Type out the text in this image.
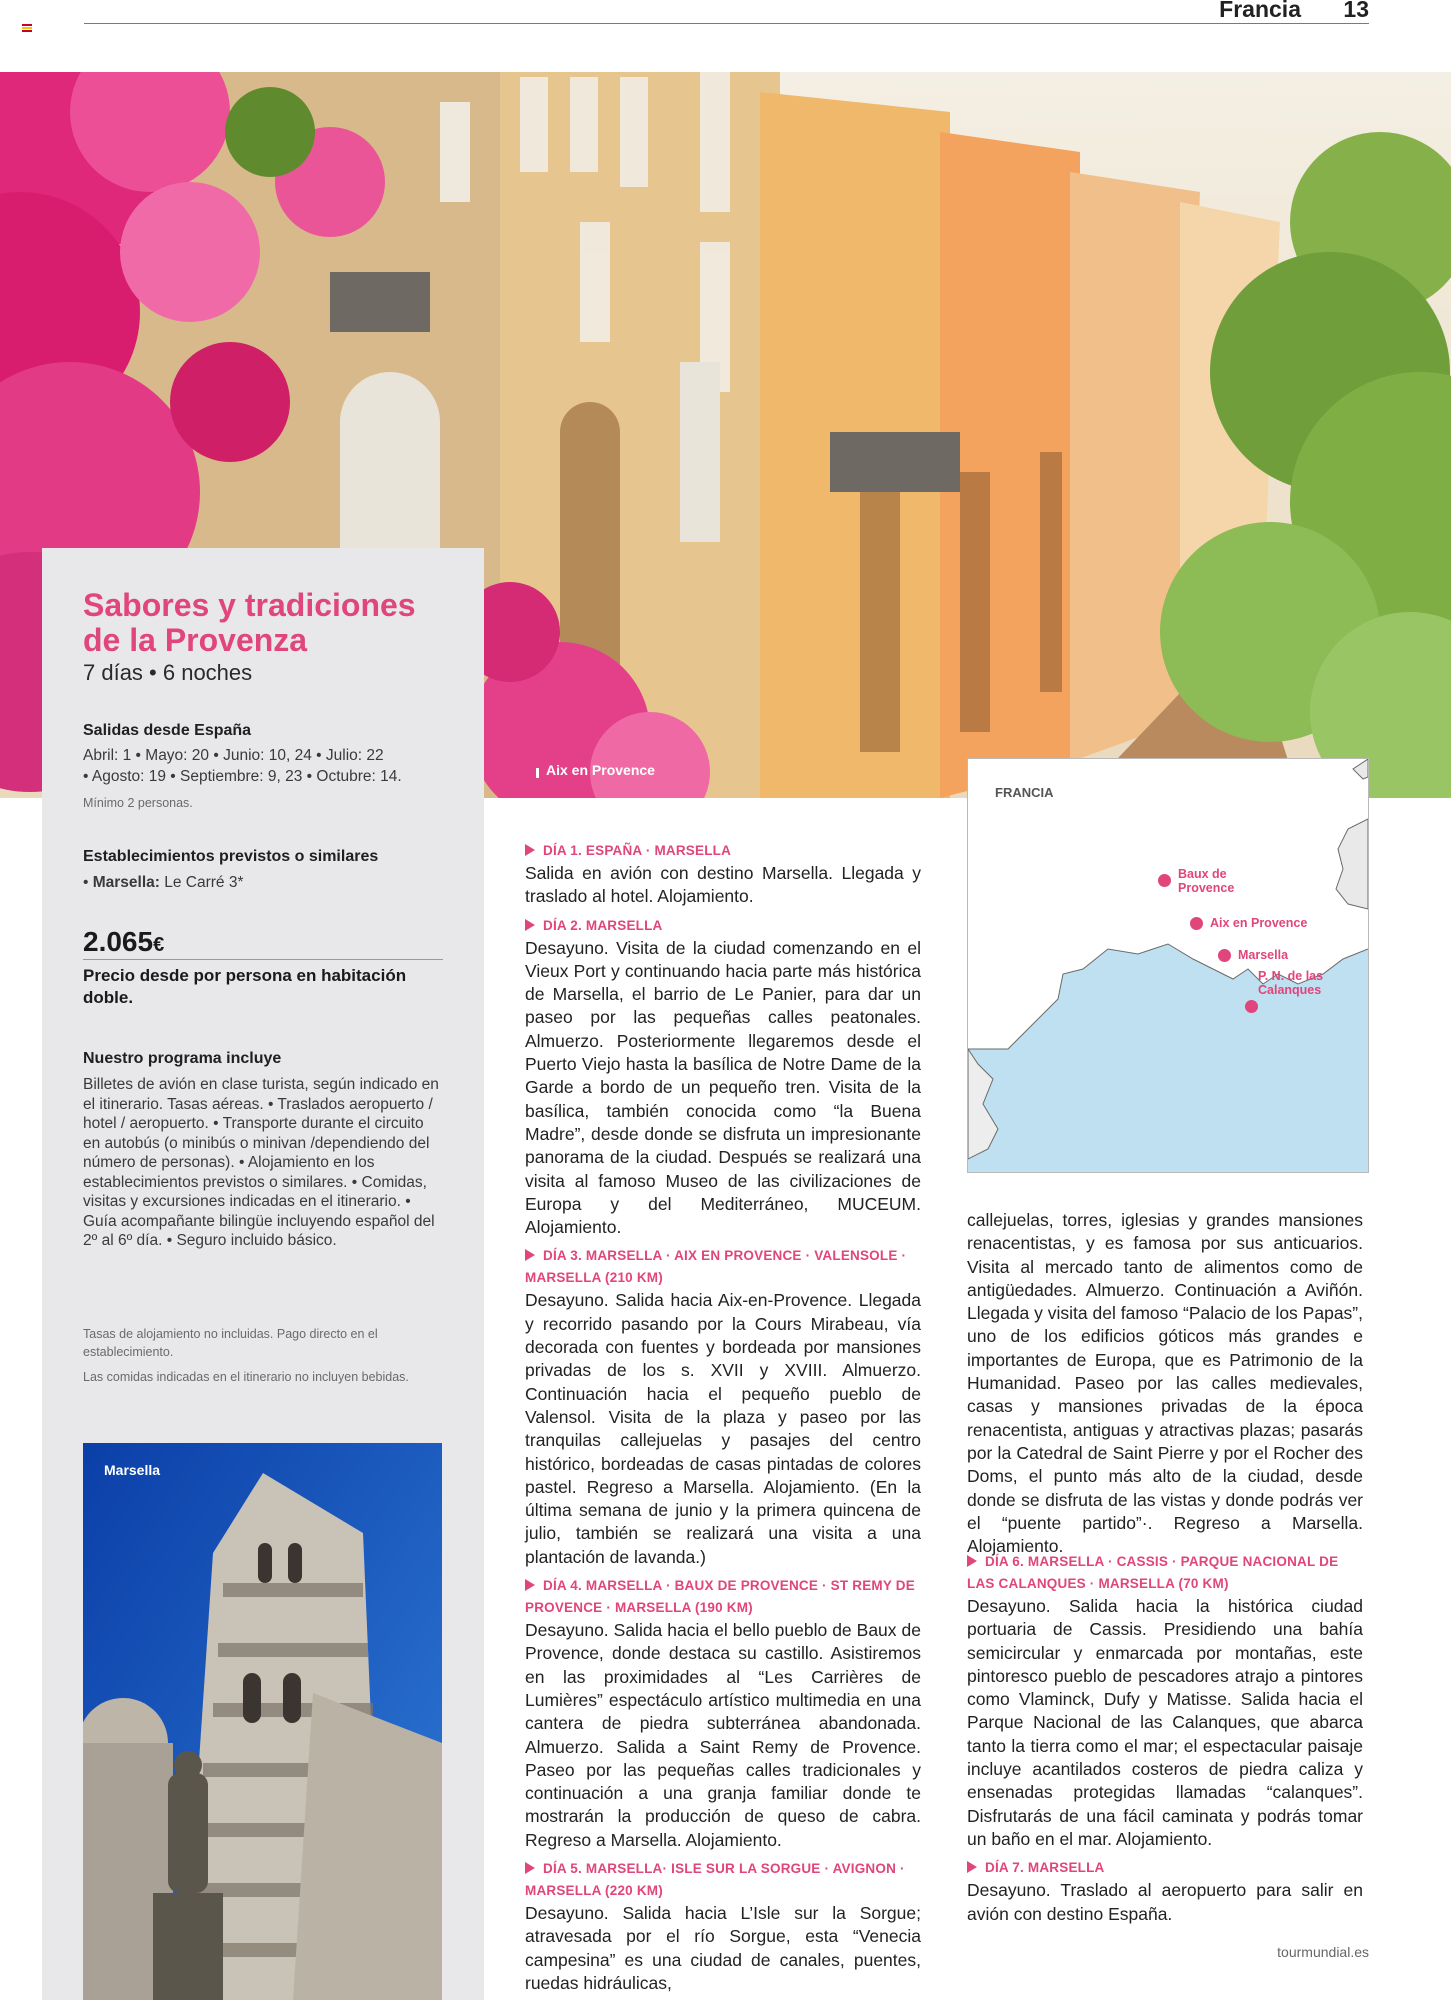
Francia 13
Aix en Provence
Sabores y tradiciones
de la Provenza
7 días • 6 noches
Salidas desde España
Abril: 1 • Mayo: 20 • Junio: 10, 24 • Julio: 22
• Agosto: 19 • Septiembre: 9, 23 • Octubre: 14.
Mínimo 2 personas.
Establecimientos previstos o similares
• Marsella: Le Carré 3*
2.065€
Precio desde por persona en habitación doble.
Nuestro programa incluye
Billetes de avión en clase turista, según indicado en el itinerario. Tasas aéreas. • Traslados aeropuerto / hotel / aeropuerto. • Transporte durante el circuito en autobús (o minibús o minivan /dependiendo del número de personas). • Alojamiento en los establecimientos previstos o similares. • Comidas, visitas y excursiones indicadas en el itinerario. • Guía acompañante bilingüe incluyendo español del 2º al 6º día. • Seguro incluido básico.
Tasas de alojamiento no incluidas. Pago directo en el establecimiento.
Las comidas indicadas en el itinerario no incluyen bebidas.
Marsella
FRANCIA
Baux de Provence
Aix en Provence
Marsella
P. N. de las Calanques
DÍA 1. ESPAÑA · MARSELLA

Salida en avión con destino Marsella. Llegada y traslado al hotel. Alojamiento.

DÍA 2. MARSELLA

Desayuno. Visita de la ciudad comenzando en el Vieux Port y continuando hacia parte más histórica de Marsella, el barrio de Le Panier, para dar un paseo por las pequeñas calles peatonales. Almuerzo. Posteriormente llegaremos desde el Puerto Viejo hasta la basílica de Notre Dame de la Garde a bordo de un pequeño tren. Visita de la basílica, también conocida como “la Buena Madre”, desde donde se disfruta un impresionante panorama de la ciudad. Después se realizará una visita al famoso Museo de las civilizaciones de Europa y del Mediterráneo, MUCEUM. Alojamiento.

DÍA 3. MARSELLA · AIX EN PROVENCE · VALENSOLE · MARSELLA (210 KM)

Desayuno. Salida hacia Aix-en-Provence. Llegada y recorrido pasando por la Cours Mirabeau, vía decorada con fuentes y bordeada por mansiones privadas de los s. XVII y XVIII. Almuerzo. Continuación hacia el pequeño pueblo de Valensol. Visita de la plaza y paseo por las tranquilas callejuelas y pasajes del centro histórico, bordeadas de casas pintadas de colores pastel. Regreso a Marsella. Alojamiento. (En la última semana de junio y la primera quincena de julio, también se realizará una visita a una plantación de lavanda.)

DÍA 4. MARSELLA · BAUX DE PROVENCE · ST REMY DE PROVENCE · MARSELLA (190 KM)

Desayuno. Salida hacia el bello pueblo de Baux de Provence, donde destaca su castillo. Asistiremos en las proximidades al “Les Carrières de Lumières” espectáculo artístico multimedia en una cantera de piedra subterránea abandonada. Almuerzo. Salida a Saint Remy de Provence. Paseo por las pequeñas calles tradicionales y continuación a una granja familiar donde te mostrarán la producción de queso de cabra. Regreso a Marsella. Alojamiento.

DÍA 5. MARSELLA· ISLE SUR LA SORGUE · AVIGNON · MARSELLA (220 KM)

Desayuno. Salida hacia L’Isle sur la Sorgue; atravesada por el río Sorgue, esta “Venecia campesina” es una ciudad de canales, puentes, ruedas hidráulicas,

callejuelas, torres, iglesias y grandes mansiones renacentistas, y es famosa por sus anticuarios. Visita al mercado tanto de alimentos como de antigüedades. Almuerzo. Continuación a Aviñón. Llegada y visita del famoso “Palacio de los Papas”, uno de los edificios góticos más grandes e importantes de Europa, que es Patrimonio de la Humanidad. Paseo por las calles medievales, casas y mansiones privadas de la época renacentista, antiguas y atractivas plazas; pasarás por la Catedral de Saint Pierre y por el Rocher des Doms, el punto más alto de la ciudad, desde donde se disfruta de las vistas y donde podrás ver el “puente partido”·. Regreso a Marsella. Alojamiento.

DÍA 6. MARSELLA · CASSIS · PARQUE NACIONAL DE LAS CALANQUES · MARSELLA (70 KM)

Desayuno. Salida hacia la histórica ciudad portuaria de Cassis. Presidiendo una bahía semicircular y enmarcada por montañas, este pintoresco pueblo de pescadores atrajo a pintores como Vlaminck, Dufy y Matisse. Salida hacia el Parque Nacional de las Calanques, que abarca tanto la tierra como el mar; el espectacular paisaje incluye acantilados costeros de piedra caliza y ensenadas protegidas llamadas “calanques”. Disfrutarás de una fácil caminata y podrás tomar un baño en el mar. Alojamiento.

DÍA 7. MARSELLA

Desayuno. Traslado al aeropuerto para salir en avión con destino España.

tourmundial.es
